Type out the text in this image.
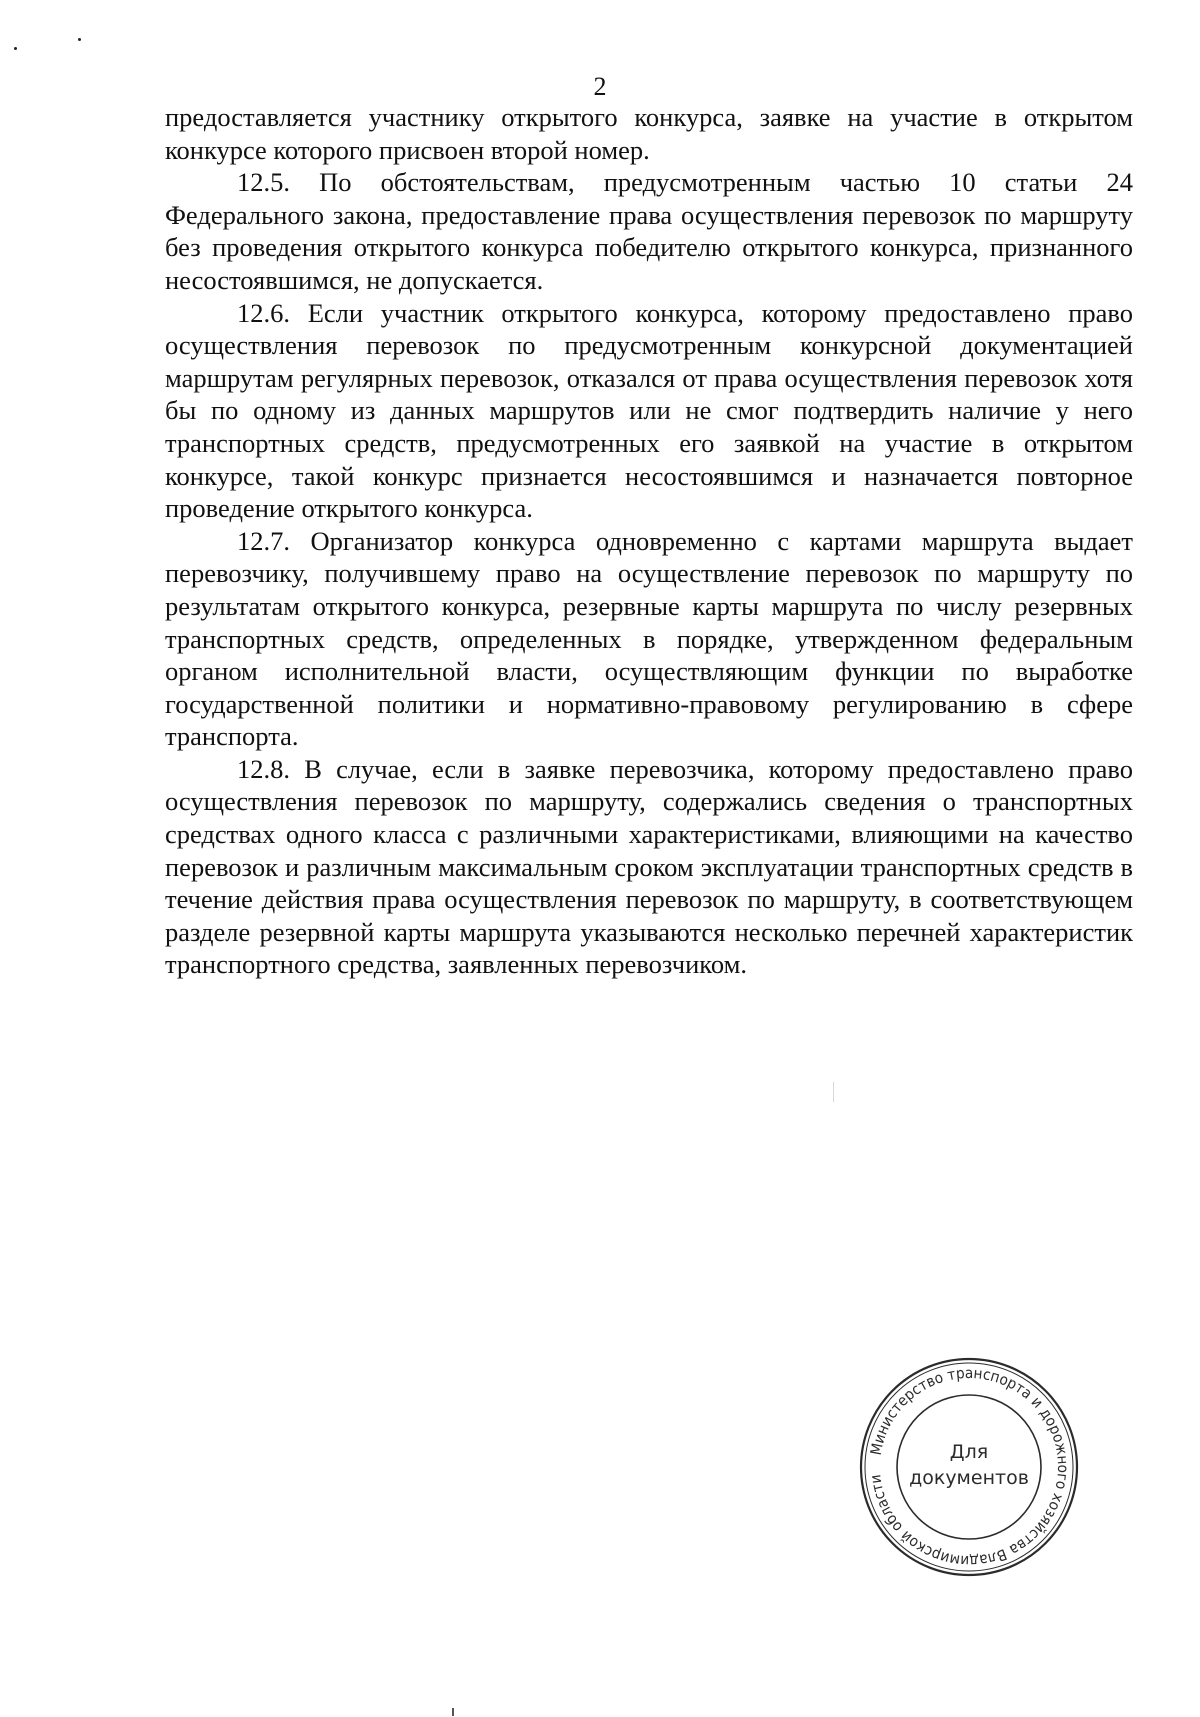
2

предоставляется участнику открытого конкурса, заявке на участие в открытом конкурсе которого присвоен второй номер.

12.5. По обстоятельствам, предусмотренным частью 10 статьи 24 Федерального закона, предоставление права осуществления перевозок по маршруту без проведения открытого конкурса победителю открытого конкурса, признанного несостоявшимся, не допускается.

12.6. Если участник открытого конкурса, которому предоставлено право осуществления перевозок по предусмотренным конкурсной документацией маршрутам регулярных перевозок, отказался от права осуществления перевозок хотя бы по одному из данных маршрутов или не смог подтвердить наличие у него транспортных средств, предусмотренных его заявкой на участие в открытом конкурсе, такой конкурс признается несостоявшимся и назначается повторное проведение открытого конкурса.

12.7. Организатор конкурса одновременно с картами маршрута выдает перевозчику, получившему право на осуществление перевозок по маршруту по результатам открытого конкурса, резервные карты маршрута по числу резервных транспортных средств, определенных в порядке, утвержденном федеральным органом исполнительной власти, осуществляющим функции по выработке государственной политики и нормативно-правовому регулированию в сфере транспорта.

12.8. В случае, если в заявке перевозчика, которому предоставлено право осуществления перевозок по маршруту, содержались сведения о транспортных средствах одного класса с различными характеристиками, влияющими на качество перевозок и различным максимальным сроком эксплуатации транспортных средств в течение действия права осуществления перевозок по маршруту, в соответствующем разделе резервной карты маршрута указываются несколько перечней характеристик транспортного средства, заявленных перевозчиком.

Министерство транспорта и дорожного хозяйства Владимирской области
Для
документов
